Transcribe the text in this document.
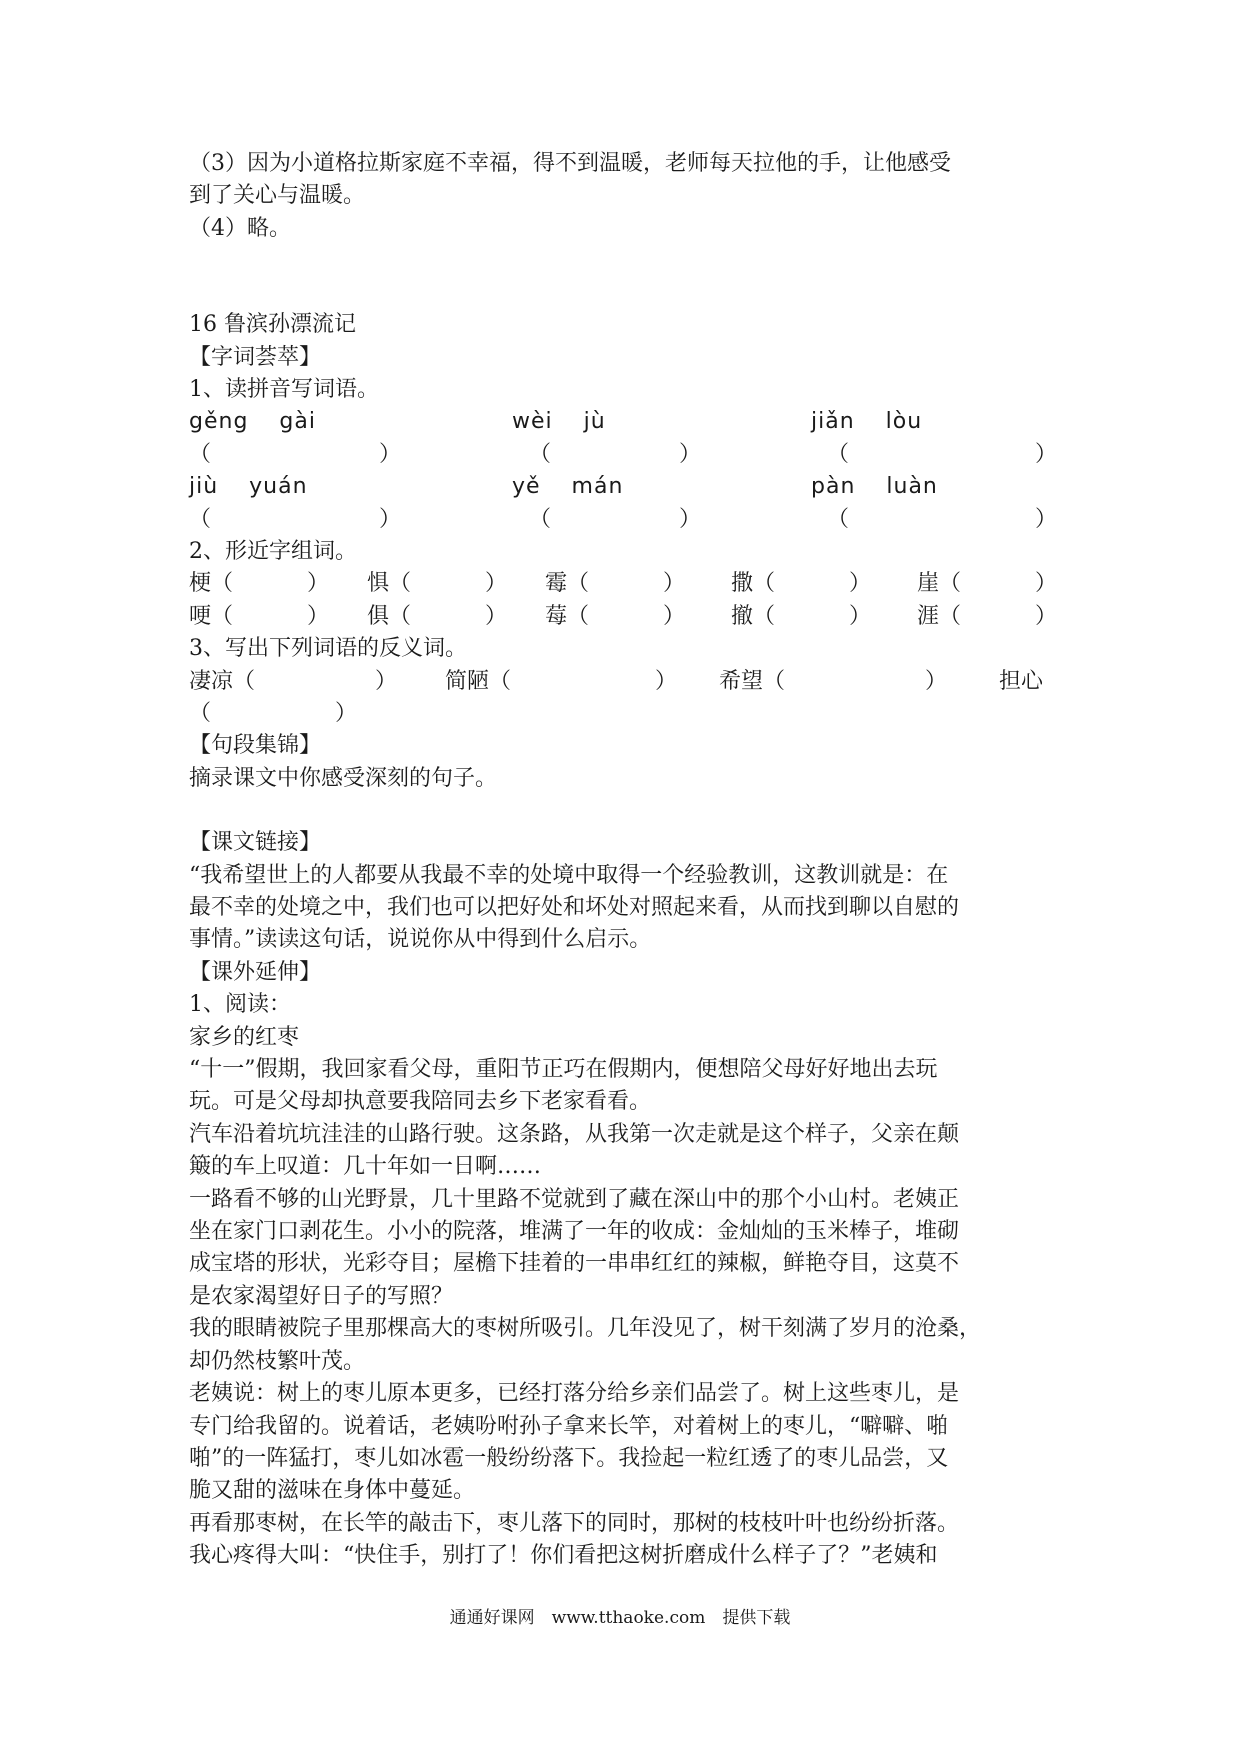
（3）因为小道格拉斯家庭不幸福，得不到温暖，老师每天拉他的手，让他感受
到了关心与温暖。
（4）略。
16 鲁滨孙漂流记
【字词荟萃】
1、读拼音写词语。
gěng　 gài	wèi　 jù	jiǎn　 lòu
（	）	（	）	（	）
jiù　 yuán	yě　 mán	pàn　 luàn
（	）	（	）	（	）
2、形近字组词。
梗（	） 惧（	） 霉（	） 撒（	） 崖（	）
哽（	） 俱（	） 莓（	） 撤（	） 涯（	）
3、写出下列词语的反义词。
凄凉（	） 简陋（	） 希望（	） 担心
（	）
【句段集锦】
摘录课文中你感受深刻的句子。
【课文链接】
“我希望世上的人都要从我最不幸的处境中取得一个经验教训，这教训就是：在
最不幸的处境之中，我们也可以把好处和坏处对照起来看，从而找到聊以自慰的
事情。”读读这句话，说说你从中得到什么启示。
【课外延伸】
1、阅读：
家乡的红枣
“十一”假期，我回家看父母，重阳节正巧在假期内，便想陪父母好好地出去玩
玩。可是父母却执意要我陪同去乡下老家看看。
汽车沿着坑坑洼洼的山路行驶。这条路，从我第一次走就是这个样子，父亲在颠
簸的车上叹道：几十年如一日啊……
一路看不够的山光野景，几十里路不觉就到了藏在深山中的那个小山村。老姨正
坐在家门口剥花生。小小的院落，堆满了一年的收成：金灿灿的玉米棒子，堆砌
成宝塔的形状，光彩夺目；屋檐下挂着的一串串红红的辣椒，鲜艳夺目，这莫不
是农家渴望好日子的写照？
我的眼睛被院子里那棵高大的枣树所吸引。几年没见了，树干刻满了岁月的沧桑，
却仍然枝繁叶茂。
老姨说：树上的枣儿原本更多，已经打落分给乡亲们品尝了。树上这些枣儿，是
专门给我留的。说着话，老姨吩咐孙子拿来长竿，对着树上的枣儿，“噼噼、啪
啪”的一阵猛打，枣儿如冰雹一般纷纷落下。我捡起一粒红透了的枣儿品尝，又
脆又甜的滋味在身体中蔓延。
再看那枣树，在长竿的敲击下，枣儿落下的同时，那树的枝枝叶叶也纷纷折落。
我心疼得大叫：“快住手，别打了！你们看把这树折磨成什么样子了？”老姨和
通通好课网　www.tthaoke.com　提供下载
